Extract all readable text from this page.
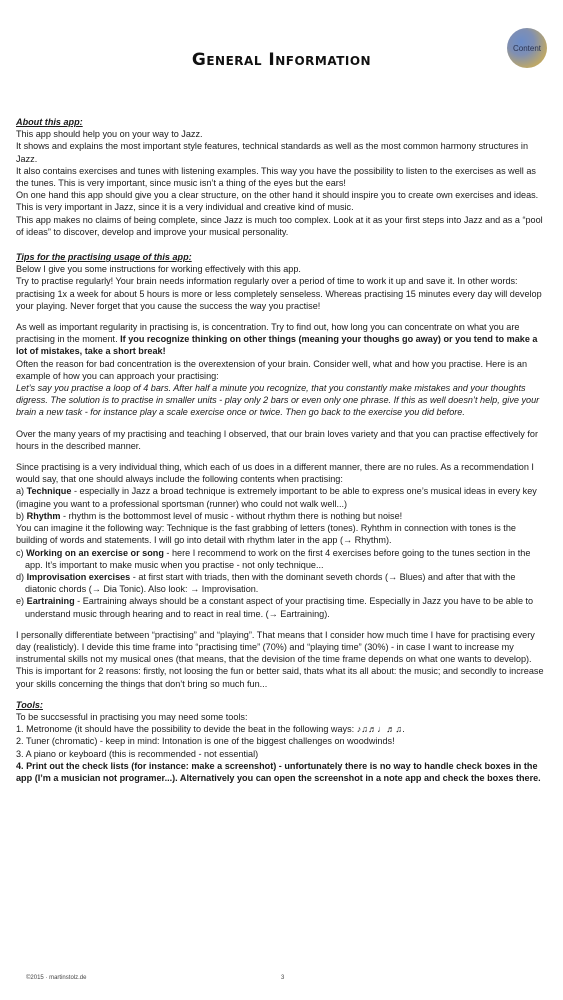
General Information
Content

About this app:

This app should help you on your way to Jazz.

It shows and explains the most important style features, technical standards as well as the most common harmony structures in Jazz.

It also contains exercises and tunes with listening examples. This way you have the possibility to listen to the exercises as well as the tunes. This is very important, since music isn’t a thing of the eyes but the ears!

On one hand this app should give you a clear structure, on the other hand it should inspire you to create own exercises and ideas. This is very important in Jazz, since it is a very individual and creative kind of music.

This app makes no claims of being complete, since Jazz is much too complex. Look at it as your first steps into Jazz and as a “pool of ideas” to discover, develop and improve your musical personality.

Tips for the practising usage of this app:

Below I give you some instructions for working effectively with this app.

Try to practise regularly! Your brain needs information regularly over a period of time to work it up and save it. In other words: practising 1x a week for about 5 hours is more or less completely senseless. Whereas practising 15 minutes every day will develop your playing. Never forget that you cause the success the way you practise!

As well as important regularity in practising is, is concentration. Try to find out, how long you can concentrate on what you are practising in the moment. If you recognize thinking on other things (meaning your thoughs go away) or you tend to make a lot of mistakes, take a short break!

Often the reason for bad concentration is the overextension of your brain. Consider well, what and how you practise. Here is an example of how you can approach your practising:

Let’s say you practise a loop of 4 bars. After half a minute you recognize, that you constantly make mistakes and your thoughts digress. The solution is to practise in smaller units - play only 2 bars or even only one phrase. If this as well doesn’t help, give your brain a new task - for instance play a scale exercise once or twice. Then go back to the exercise you did before.

Over the many years of my practising and teaching I observed, that our brain loves variety and that you can practise effectively for hours in the described manner.

Since practising is a very individual thing, which each of us does in a different manner, there are no rules. As a recommendation I would say, that one should always include the following contents when practising:

a) Technique - especially in Jazz a broad technique is extremely important to be able to express one’s musical ideas in every key (imagine you want to a professional sportsman (runner) who could not walk well...)

b) Rhythm - rhythm is the bottommost level of music - without rhythm there is nothing but noise!

You can imagine it the following way: Technique is the fast grabbing of letters (tones). Ryhthm in connection with tones is the building of words and statements. I will go into detail with rhythm later in the app (→ Rhythm).

c) Working on an exercise or song - here I recommend to work on the first 4 exercises before going to the tunes section in the app. It’s important to make music when you practise - not only technique...

d) Improvisation exercises - at first start with triads, then with the dominant seveth chords (→ Blues) and after that with the diatonic chords (→ Dia Tonic). Also look: → Improvisation.

e) Eartraining - Eartraining always should be a constant aspect of your practising time. Especially in Jazz you have to be able to understand music through hearing and to react in real time. (→ Eartraining).

I personally differentiate between “practising” and “playing”. That means that I consider how much time I have for practising every day (realisticly). I devide this time frame into “practising time” (70%) and “playing time” (30%) - in case I want to increase my instrumental skills not my musical ones (that means, that the devision of the time frame depends on what one wants to develop). This is important for 2 reasons: firstly, not loosing the fun or better said, thats what its all about: the music; and secondly to increase your skills concerning the things that don’t bring so much fun...

Tools:

To be succsessful in practising you may need some tools:

1. Metronome (it should have the possibility to devide the beat in the following ways: ♪♫♬♩♬♫.

2. Tuner (chromatic) - keep in mind: Intonation is one of the biggest challenges on woodwinds!

3. A piano or keyboard (this is recommended - not essential)

4. Print out the check lists (for instance: make a screenshot) - unfortunately there is no way to handle check boxes in the app (I’m a musician not programer...). Alternatively you can open the screenshot in a note app and check the boxes there.

©2015 · martinstolz.de	3
